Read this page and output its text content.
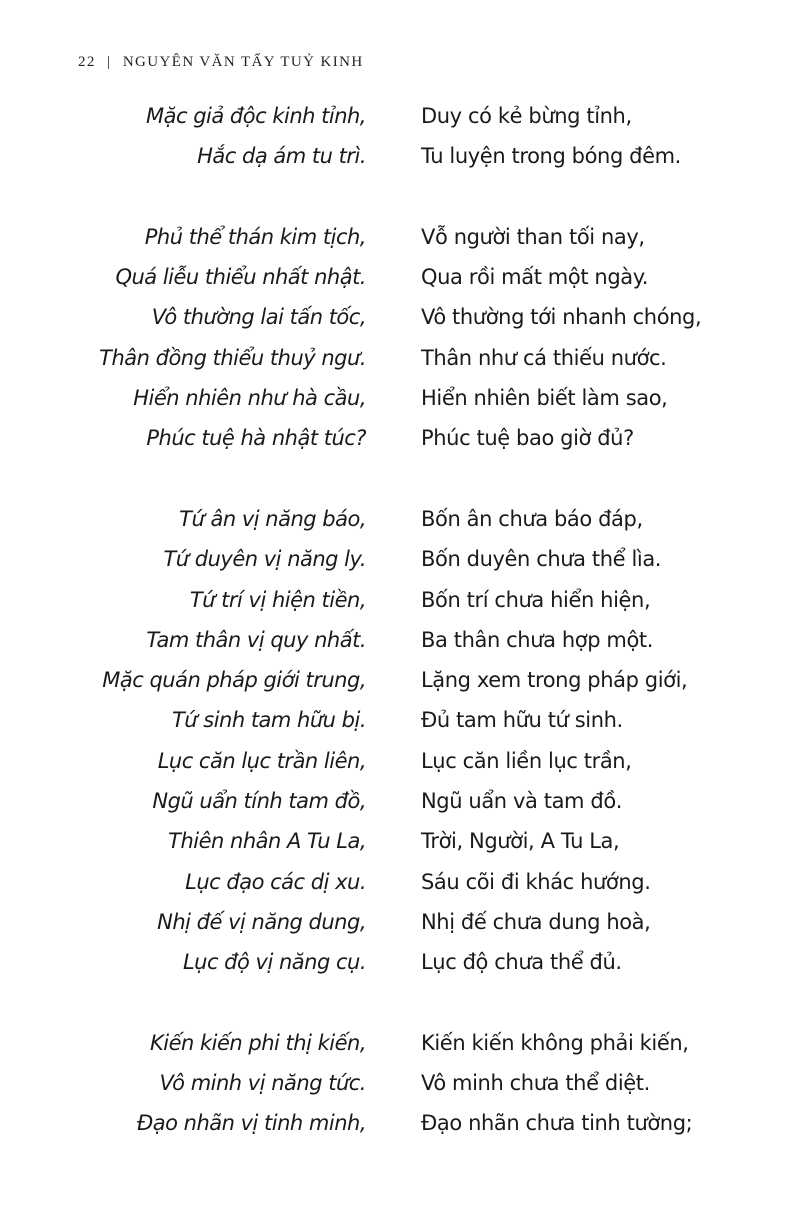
22 | NGUYÊN VĂN TẨY TUỶ KINH
Mặc giả độc kinh tỉnh,	Duy có kẻ bừng tỉnh,
Hắc dạ ám tu trì.	Tu luyện trong bóng đêm.
Phủ thể thán kim tịch,	Vỗ người than tối nay,
Quá liễu thiểu nhất nhật.	Qua rồi mất một ngày.
Vô thường lai tấn tốc,	Vô thường tới nhanh chóng,
Thân đồng thiểu thuỷ ngư.	Thân như cá thiếu nước.
Hiển nhiên như hà cầu,	Hiển nhiên biết làm sao,
Phúc tuệ hà nhật túc?	Phúc tuệ bao giờ đủ?
Tứ ân vị năng báo,	Bốn ân chưa báo đáp,
Tứ duyên vị năng ly.	Bốn duyên chưa thể lìa.
Tứ trí vị hiện tiền,	Bốn trí chưa hiển hiện,
Tam thân vị quy nhất.	Ba thân chưa hợp một.
Mặc quán pháp giới trung,	Lặng xem trong pháp giới,
Tứ sinh tam hữu bị.	Đủ tam hữu tứ sinh.
Lục căn lục trần liên,	Lục căn liền lục trần,
Ngũ uẩn tính tam đồ,	Ngũ uẩn và tam đồ.
Thiên nhân A Tu La,	Trời, Người, A Tu La,
Lục đạo các dị xu.	Sáu cõi đi khác hướng.
Nhị đế vị năng dung,	Nhị đế chưa dung hoà,
Lục độ vị năng cụ.	Lục độ chưa thể đủ.
Kiến kiến phi thị kiến,	Kiến kiến không phải kiến,
Vô minh vị năng tức.	Vô minh chưa thể diệt.
Đạo nhãn vị tinh minh,	Đạo nhãn chưa tinh tường;
